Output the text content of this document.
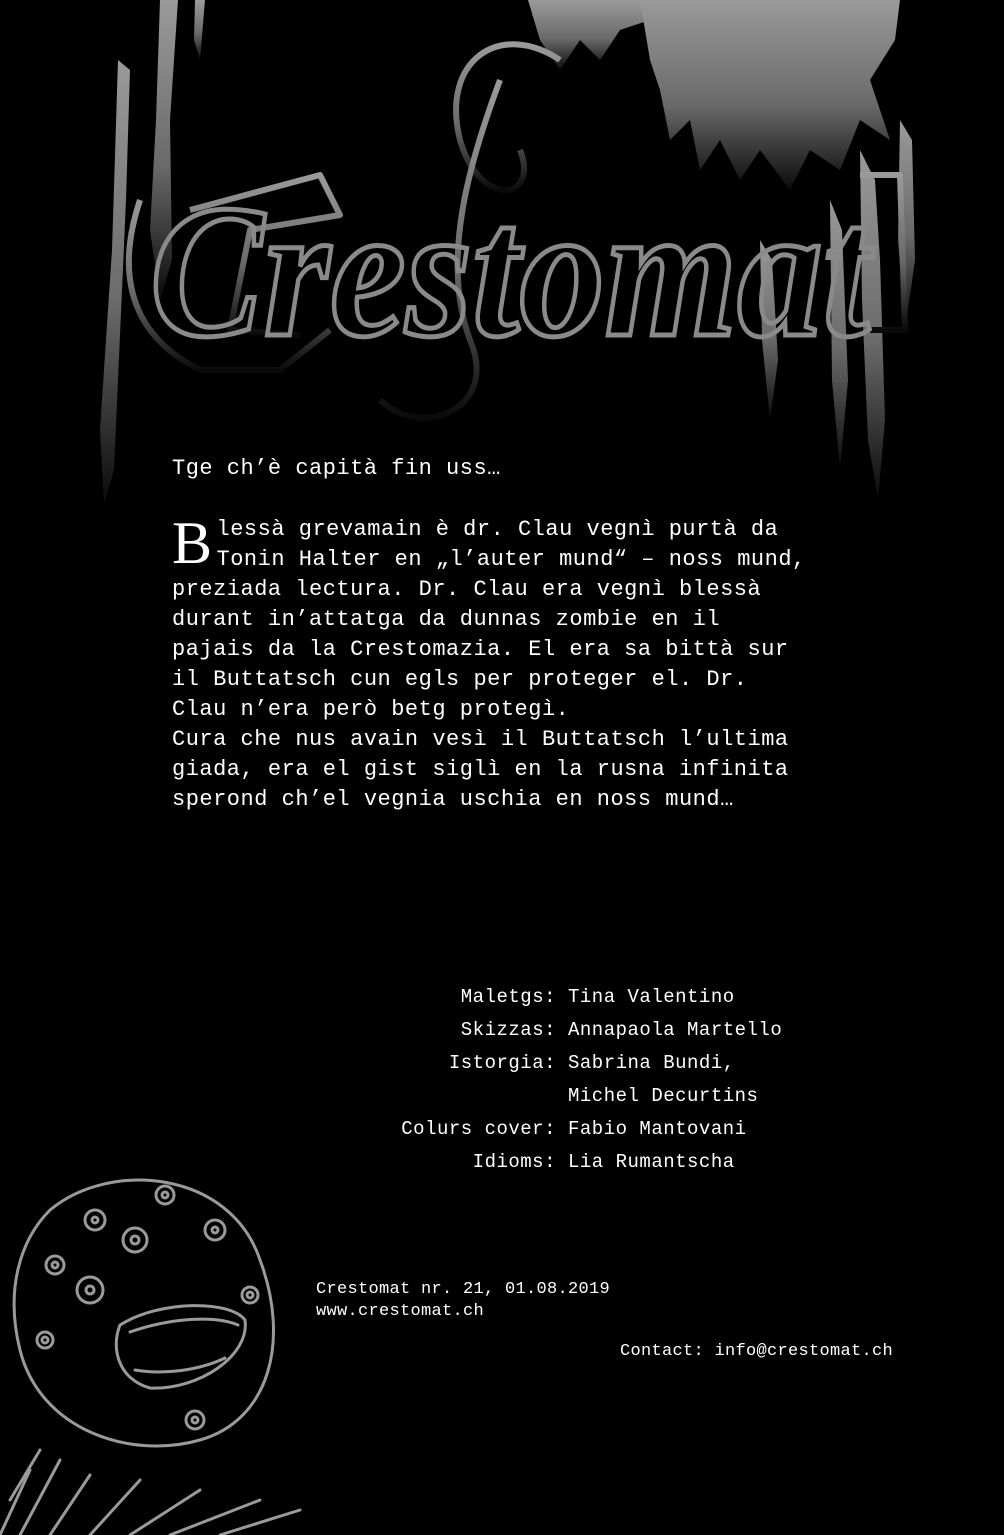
Crestomat
Tge ch’è capità fin uss…

Blessà grevamain è dr. Clau vegnì purtà da Tonin Halter en „l’auter mund“ – noss mund, preziada lectura. Dr. Clau era vegnì blessà durant in’attatga da dunnas zombie en il pajais da la Crestomazia. El era sa bittà sur il Buttatsch cun egls per proteger el. Dr. Clau n’era però betg protegì.

Cura che nus avain vesì il Buttatsch l’ultima giada, era el gist siglì en la rusna infinita sperond ch’el vegnia uschia en noss mund…

Maletgs: Tina Valentino
Skizzas: Annapaola Martello
Istorgia: Sabrina Bundi,
Michel Decurtins
Colurs cover: Fabio Mantovani
Idioms: Lia Rumantscha
Crestomat nr. 21, 01.08.2019
www.crestomat.ch
Contact: info@crestomat.ch
